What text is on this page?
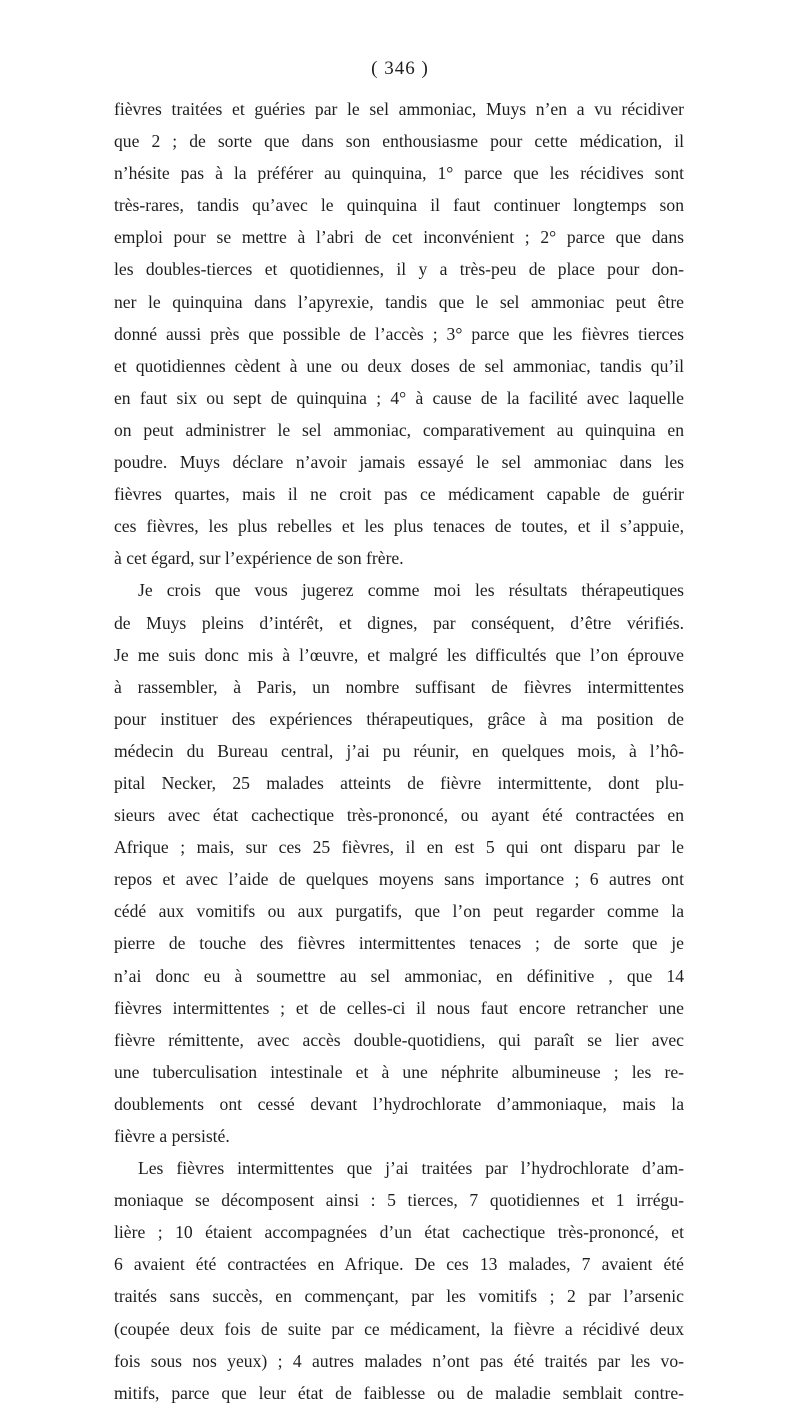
( 346 )
fièvres traitées et guéries par le sel ammoniac, Muys n’en a vu récidiver
que 2 ; de sorte que dans son enthousiasme pour cette médication, il
n’hésite pas à la préférer au quinquina, 1° parce que les récidives sont
très-rares, tandis qu’avec le quinquina il faut continuer longtemps son
emploi pour se mettre à l’abri de cet inconvénient ; 2° parce que dans
les doubles-tierces et quotidiennes, il y a très-peu de place pour don-
ner le quinquina dans l’apyrexie, tandis que le sel ammoniac peut être
donné aussi près que possible de l’accès ; 3° parce que les fièvres tierces
et quotidiennes cèdent à une ou deux doses de sel ammoniac, tandis qu’il
en faut six ou sept de quinquina ; 4° à cause de la facilité avec laquelle
on peut administrer le sel ammoniac, comparativement au quinquina en
poudre. Muys déclare n’avoir jamais essayé le sel ammoniac dans les
fièvres quartes, mais il ne croit pas ce médicament capable de guérir
ces fièvres, les plus rebelles et les plus tenaces de toutes, et il s’appuie,
à cet égard, sur l’expérience de son frère.
Je crois que vous jugerez comme moi les résultats thérapeutiques
de Muys pleins d’intérêt, et dignes, par conséquent, d’être vérifiés.
Je me suis donc mis à l’œuvre, et malgré les difficultés que l’on éprouve
à rassembler, à Paris, un nombre suffisant de fièvres intermittentes
pour instituer des expériences thérapeutiques, grâce à ma position de
médecin du Bureau central, j’ai pu réunir, en quelques mois, à l’hô-
pital Necker, 25 malades atteints de fièvre intermittente, dont plu-
sieurs avec état cachectique très-prononcé, ou ayant été contractées en
Afrique ; mais, sur ces 25 fièvres, il en est 5 qui ont disparu par le
repos et avec l’aide de quelques moyens sans importance ; 6 autres ont
cédé aux vomitifs ou aux purgatifs, que l’on peut regarder comme la
pierre de touche des fièvres intermittentes tenaces ; de sorte que je
n’ai donc eu à soumettre au sel ammoniac, en définitive , que 14
fièvres intermittentes ; et de celles-ci il nous faut encore retrancher une
fièvre rémittente, avec accès double-quotidiens, qui paraît se lier avec
une tuberculisation intestinale et à une néphrite albumineuse ; les re-
doublements ont cessé devant l’hydrochlorate d’ammoniaque, mais la
fièvre a persisté.
Les fièvres intermittentes que j’ai traitées par l’hydrochlorate d’am-
moniaque se décomposent ainsi : 5 tierces, 7 quotidiennes et 1 irrégu-
lière ; 10 étaient accompagnées d’un état cachectique très-prononcé, et
6 avaient été contractées en Afrique. De ces 13 malades, 7 avaient été
traités sans succès, en commençant, par les vomitifs ; 2 par l’arsenic
(coupée deux fois de suite par ce médicament, la fièvre a récidivé deux
fois sous nos yeux) ; 4 autres malades n’ont pas été traités par les vo-
mitifs, parce que leur état de faiblesse ou de maladie semblait contre-
